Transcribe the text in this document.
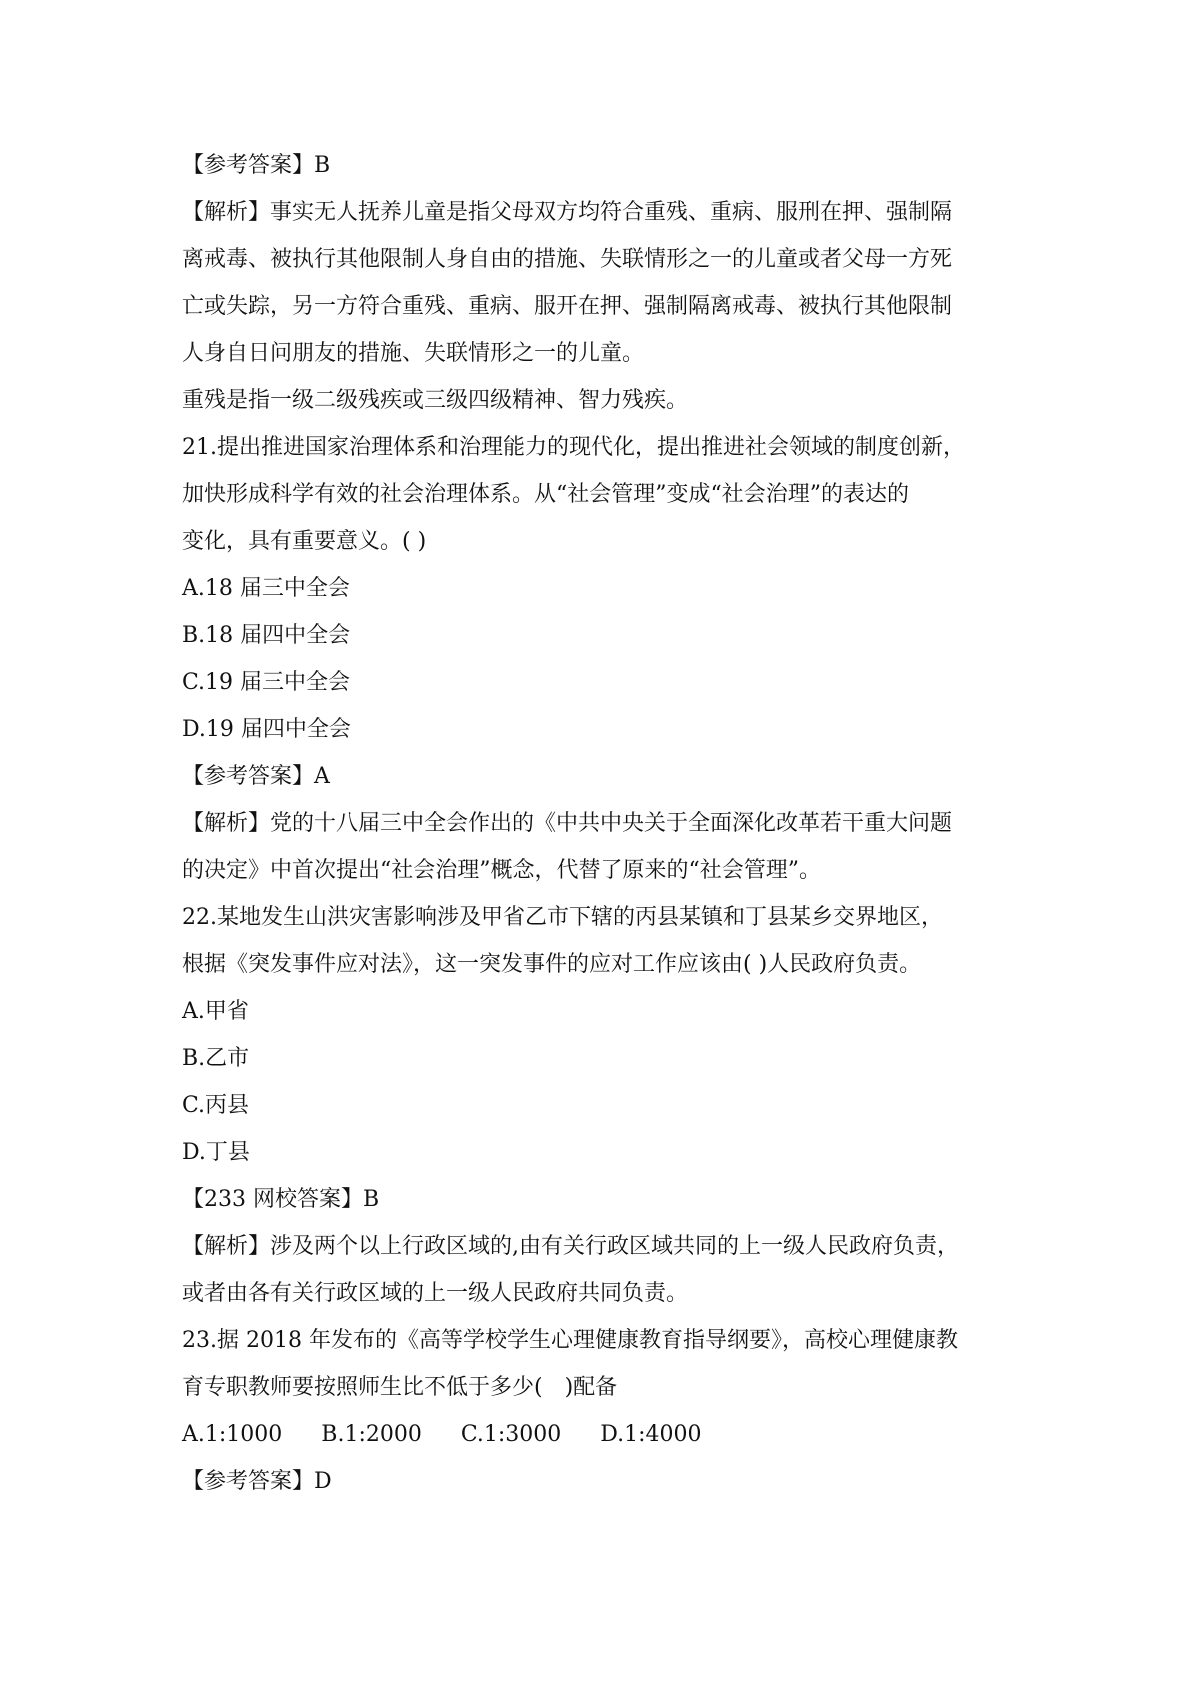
【参考答案】B
【解析】事实无人抚养儿童是指父母双方均符合重残、重病、服刑在押、强制隔
离戒毒、被执行其他限制人身自由的措施、失联情形之一的儿童或者父母一方死
亡或失踪，另一方符合重残、重病、服开在押、强制隔离戒毒、被执行其他限制
人身自日问朋友的措施、失联情形之一的儿童。
重残是指一级二级残疾或三级四级精神、智力残疾。
21.提出推进国家治理体系和治理能力的现代化，提出推进社会领域的制度创新，
加快形成科学有效的社会治理体系。从“社会管理”变成“社会治理”的表达的
变化，具有重要意义。( )
A.18 届三中全会
B.18 届四中全会
C.19 届三中全会
D.19 届四中全会
【参考答案】A
【解析】党的十八届三中全会作出的《中共中央关于全面深化改革若干重大问题
的决定》中首次提出“社会治理”概念，代替了原来的“社会管理”。
22.某地发生山洪灾害影响涉及甲省乙市下辖的丙县某镇和丁县某乡交界地区，
根据《突发事件应对法》，这一突发事件的应对工作应该由( )人民政府负责。
A.甲省
B.乙市
C.丙县
D.丁县
【233 网校答案】B
【解析】涉及两个以上行政区域的,由有关行政区域共同的上一级人民政府负责，
或者由各有关行政区域的上一级人民政府共同负责。
23.据 2018 年发布的《高等学校学生心理健康教育指导纲要》，高校心理健康教
育专职教师要按照师生比不低于多少(　)配备
A.1:1000 B.1:2000 C.1:3000 D.1:4000
【参考答案】D
